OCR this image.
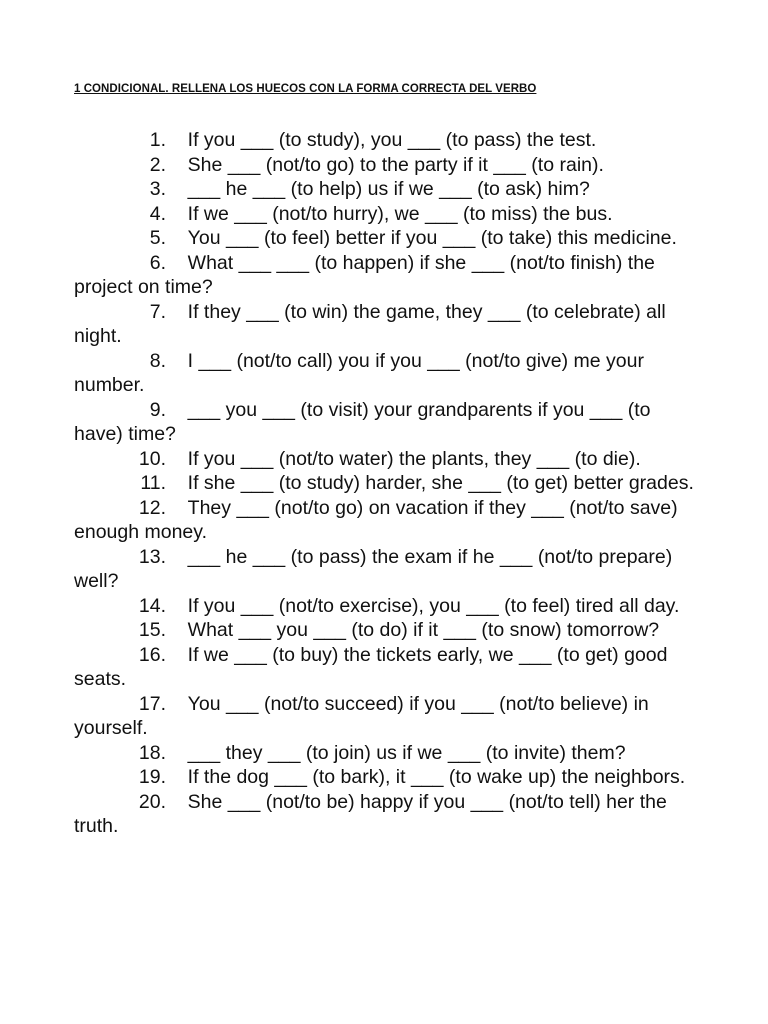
1 CONDICIONAL. RELLENA LOS HUECOS CON LA FORMA CORRECTA DEL VERBO
1. If you ___ (to study), you ___ (to pass) the test.
2. She ___ (not/to go) to the party if it ___ (to rain).
3. ___ he ___ (to help) us if we ___ (to ask) him?
4. If we ___ (not/to hurry), we ___ (to miss) the bus.
5. You ___ (to feel) better if you ___ (to take) this medicine.
6. What ___ ___ (to happen) if she ___ (not/to finish) the project on time?
7. If they ___ (to win) the game, they ___ (to celebrate) all night.
8. I ___ (not/to call) you if you ___ (not/to give) me your number.
9. ___ you ___ (to visit) your grandparents if you ___ (to have) time?
10. If you ___ (not/to water) the plants, they ___ (to die).
11. If she ___ (to study) harder, she ___ (to get) better grades.
12. They ___ (not/to go) on vacation if they ___ (not/to save) enough money.
13. ___ he ___ (to pass) the exam if he ___ (not/to prepare) well?
14. If you ___ (not/to exercise), you ___ (to feel) tired all day.
15. What ___ you ___ (to do) if it ___ (to snow) tomorrow?
16. If we ___ (to buy) the tickets early, we ___ (to get) good seats.
17. You ___ (not/to succeed) if you ___ (not/to believe) in yourself.
18. ___ they ___ (to join) us if we ___ (to invite) them?
19. If the dog ___ (to bark), it ___ (to wake up) the neighbors.
20. She ___ (not/to be) happy if you ___ (not/to tell) her the truth.
